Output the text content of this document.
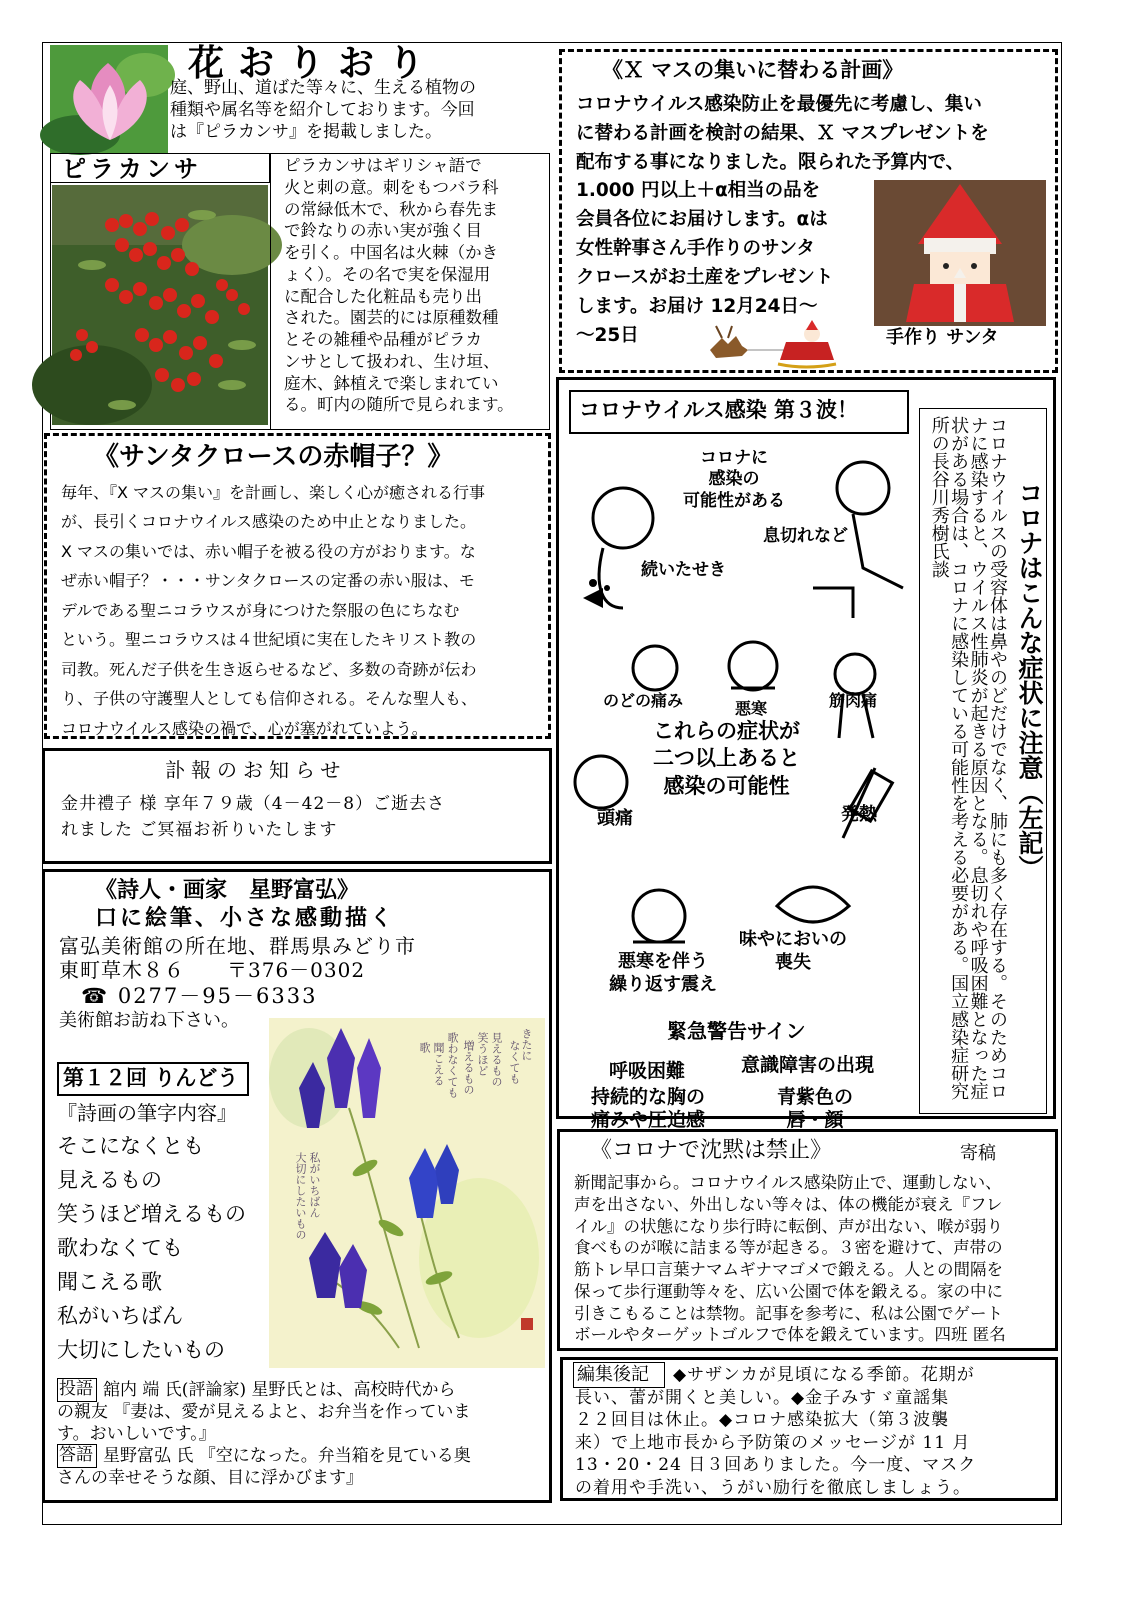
花おりおり
庭、野山、道ばた等々に、生える植物の
種類や属名等を紹介しております。今回
は『ピラカンサ』を掲載しました。
ピラカンサ	ピラカンサはギリシャ語で
火と刺の意。刺をもつバラ科
の常緑低木で、秋から春先ま
で鈴なりの赤い実が強く目
を引く。中国名は火棘（かき
ょく）。その名で実を保湿用
に配合した化粧品も売り出
された。園芸的には原種数種
とその雑種や品種がピラカ
ンサとして扱われ、生け垣、
庭木、鉢植えで楽しまれてい
る。町内の随所で見られます。
《Ｘ マスの集いに替わる計画》
コロナウイルス感染防止を最優先に考慮し、集い
に替わる計画を検討の結果、Ｘ マスプレゼントを
配布する事になりました。限られた予算内で、
1.000 円以上＋α相当の品を
会員各位にお届けします。αは
女性幹事さん手作りのサンタ
クロースがお土産をプレゼント
します。お届け 12月24日～
～25日	手作り サンタ
《サンタクロースの赤帽子？》
毎年、『X マスの集い』を計画し、楽しく心が癒される行事
が、長引くコロナウイルス感染のため中止となりました。
X マスの集いでは、赤い帽子を被る役の方がおります。な
ぜ赤い帽子？・・・サンタクロースの定番の赤い服は、モ
デルである聖ニコラウスが身につけた祭服の色にちなむ
という。聖ニコラウスは４世紀頃に実在したキリスト教の
司教。死んだ子供を生き返らせるなど、多数の奇跡が伝わ
り、子供の守護聖人としても信仰される。そんな聖人も、
コロナウイルス感染の禍で、心が塞がれていよう。
訃報のお知らせ
金井禮子 様 享年７９歳（4－42－8）ご逝去さ
れました ご冥福お祈りいたします
《詩人・画家　星野富弘》
口に絵筆、小さな感動描く
富弘美術館の所在地、群馬県みどり市
東町草木８６　　〒376－0302
☎ 0277－95－6333
美術館お訪ね下さい。
第１２回 りんどう
『詩画の筆字内容』
そこになくとも
見えるもの
笑うほど増えるもの
歌わなくても
聞こえる歌
私がいちばん
大切にしたいもの
きたに
なくても
見えるもの
笑うほど
増えるもの
歌わなくても
聞こえる
歌
私がいちばん
大切にしたいもの
投語 舘内 端 氏(評論家) 星野氏とは、高校時代から
の親友 『妻は、愛が見えるよと、お弁当を作っていま
す。おいしいです。』
答語 星野富弘 氏 『空になった。弁当箱を見ている奥
さんの幸せそうな顔、目に浮かびます』
コロナウイルス感染 第３波！
コロナに
感染の
可能性がある
息切れなど
続いたせき
のどの痛み	悪寒	筋肉痛
これらの症状が
二つ以上あると
感染の可能性
頭痛	発熱
悪寒を伴う
繰り返す震え
味やにおいの
喪失
緊急警告サイン
呼吸困難	意識障害の出現
持続的な胸の
痛みや圧迫感
青紫色の
唇・顔
コロナはこんな症状に注意（左記）
コロナウイルスの受容体は鼻やのどだけでなく、肺にも多く存在する。そのためコロナに感染すると、ウイルス性肺炎が起きる原因となる。息切れや呼吸困難となった症状がある場合は、コロナに感染している可能性を考える必要がある。国立感染症研究所の長谷川秀樹氏談
《コロナで沈黙は禁止》	寄稿
新聞記事から。コロナウイルス感染防止で、運動しない、
声を出さない、外出しない等々は、体の機能が衰え『フレ
イル』の状態になり歩行時に転倒、声が出ない、喉が弱り
食べものが喉に詰まる等が起きる。３密を避けて、声帯の
筋トレ早口言葉ナマムギナマゴメで鍛える。人との間隔を
保って歩行運動等々を、広い公園で体を鍛える。家の中に
引きこもることは禁物。記事を参考に、私は公園でゲート
ボールやターゲットゴルフで体を鍛えています。四班 匿名
編集後記	◆サザンカが見頃になる季節。花期が
長い、蕾が開くと美しい。◆金子みすゞ童謡集
２２回目は休止。◆コロナ感染拡大（第３波襲
来）で上地市長から予防策のメッセージが 11 月
13・20・24 日３回ありました。今一度、マスク
の着用や手洗い、うがい励行を徹底しましょう。
